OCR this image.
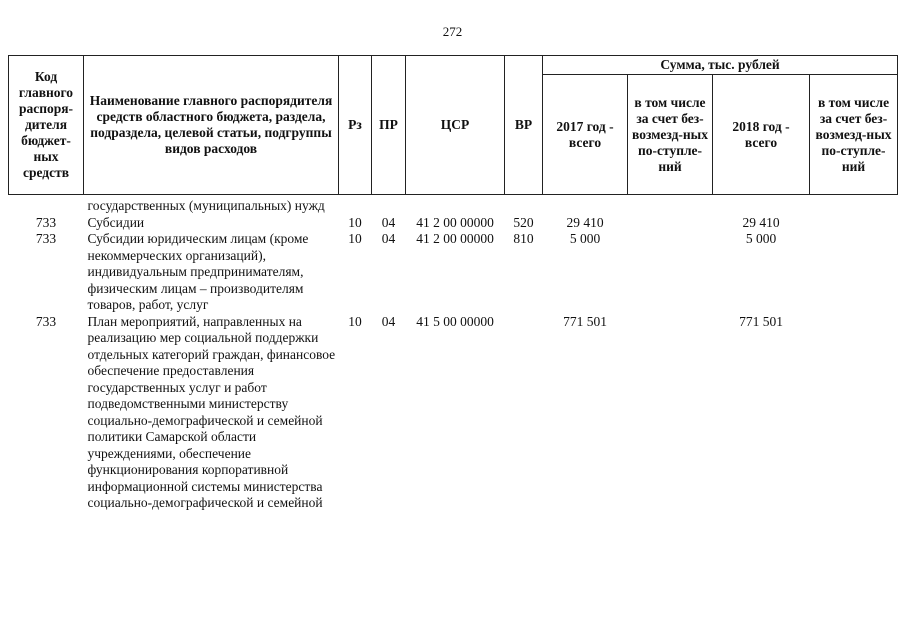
272
Код главного распоря-дителя бюджет-ных средств	Наименование главного распорядителя средств областного бюджета, раздела, подраздела, целевой статьи, подгруппы видов расходов	Рз	ПР	ЦСР	ВР	Сумма, тыс. рублей			
						2017 год - всего	в том числе за счет без-возмезд-ных по-ступле-ний	2018 год - всего	в том числе за счет без-возмезд-ных по-ступле-ний
	государственных (муниципальных) нужд								
733	Субсидии	10	04	41 2 00 00000	520	29 410		29 410	
733	Субсидии юридическим лицам (кроме некоммерческих организаций), индивидуальным предпринимателям, физическим лицам – производителям товаров, работ, услуг	10	04	41 2 00 00000	810	5 000		5 000	
733	План мероприятий, направленных на реализацию мер социальной поддержки отдельных категорий граждан, финансовое обеспечение предоставления государственных услуг и работ подведомственными министерству социально-демографической и семейной политики Самарской области учреждениями, обеспечение функционирования корпоративной информационной системы министерства социально-демографической и семейной	10	04	41 5 00 00000		771 501		771 501	
